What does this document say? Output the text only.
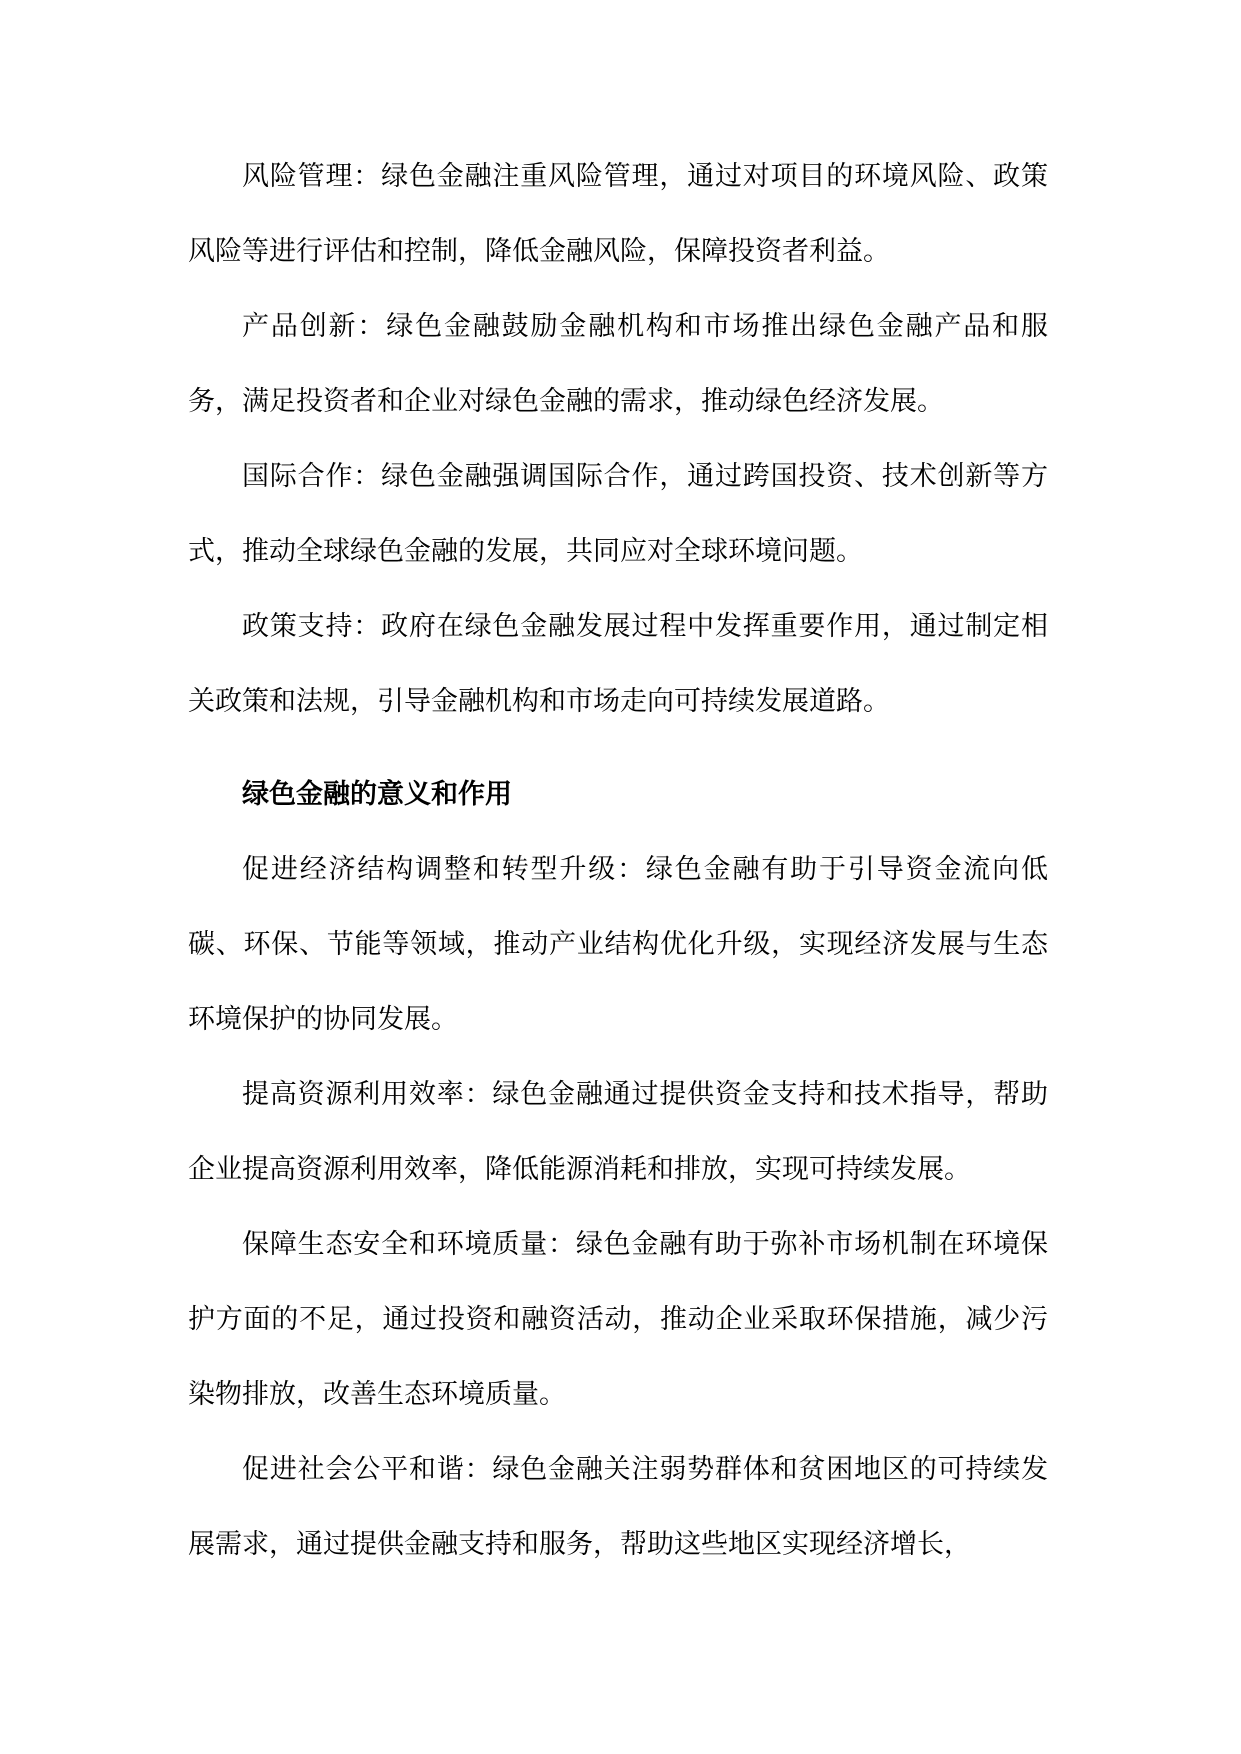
风险管理：绿色金融注重风险管理，通过对项目的环境风险、政策风险等进行评估和控制，降低金融风险，保障投资者利益。

产品创新：绿色金融鼓励金融机构和市场推出绿色金融产品和服务，满足投资者和企业对绿色金融的需求，推动绿色经济发展。

国际合作：绿色金融强调国际合作，通过跨国投资、技术创新等方式，推动全球绿色金融的发展，共同应对全球环境问题。

政策支持：政府在绿色金融发展过程中发挥重要作用，通过制定相关政策和法规，引导金融机构和市场走向可持续发展道路。

绿色金融的意义和作用

促进经济结构调整和转型升级：绿色金融有助于引导资金流向低碳、环保、节能等领域，推动产业结构优化升级，实现经济发展与生态环境保护的协同发展。

提高资源利用效率：绿色金融通过提供资金支持和技术指导，帮助企业提高资源利用效率，降低能源消耗和排放，实现可持续发展。

保障生态安全和环境质量：绿色金融有助于弥补市场机制在环境保护方面的不足，通过投资和融资活动，推动企业采取环保措施，减少污染物排放，改善生态环境质量。

促进社会公平和谐：绿色金融关注弱势群体和贫困地区的可持续发展需求，通过提供金融支持和服务，帮助这些地区实现经济增长，
